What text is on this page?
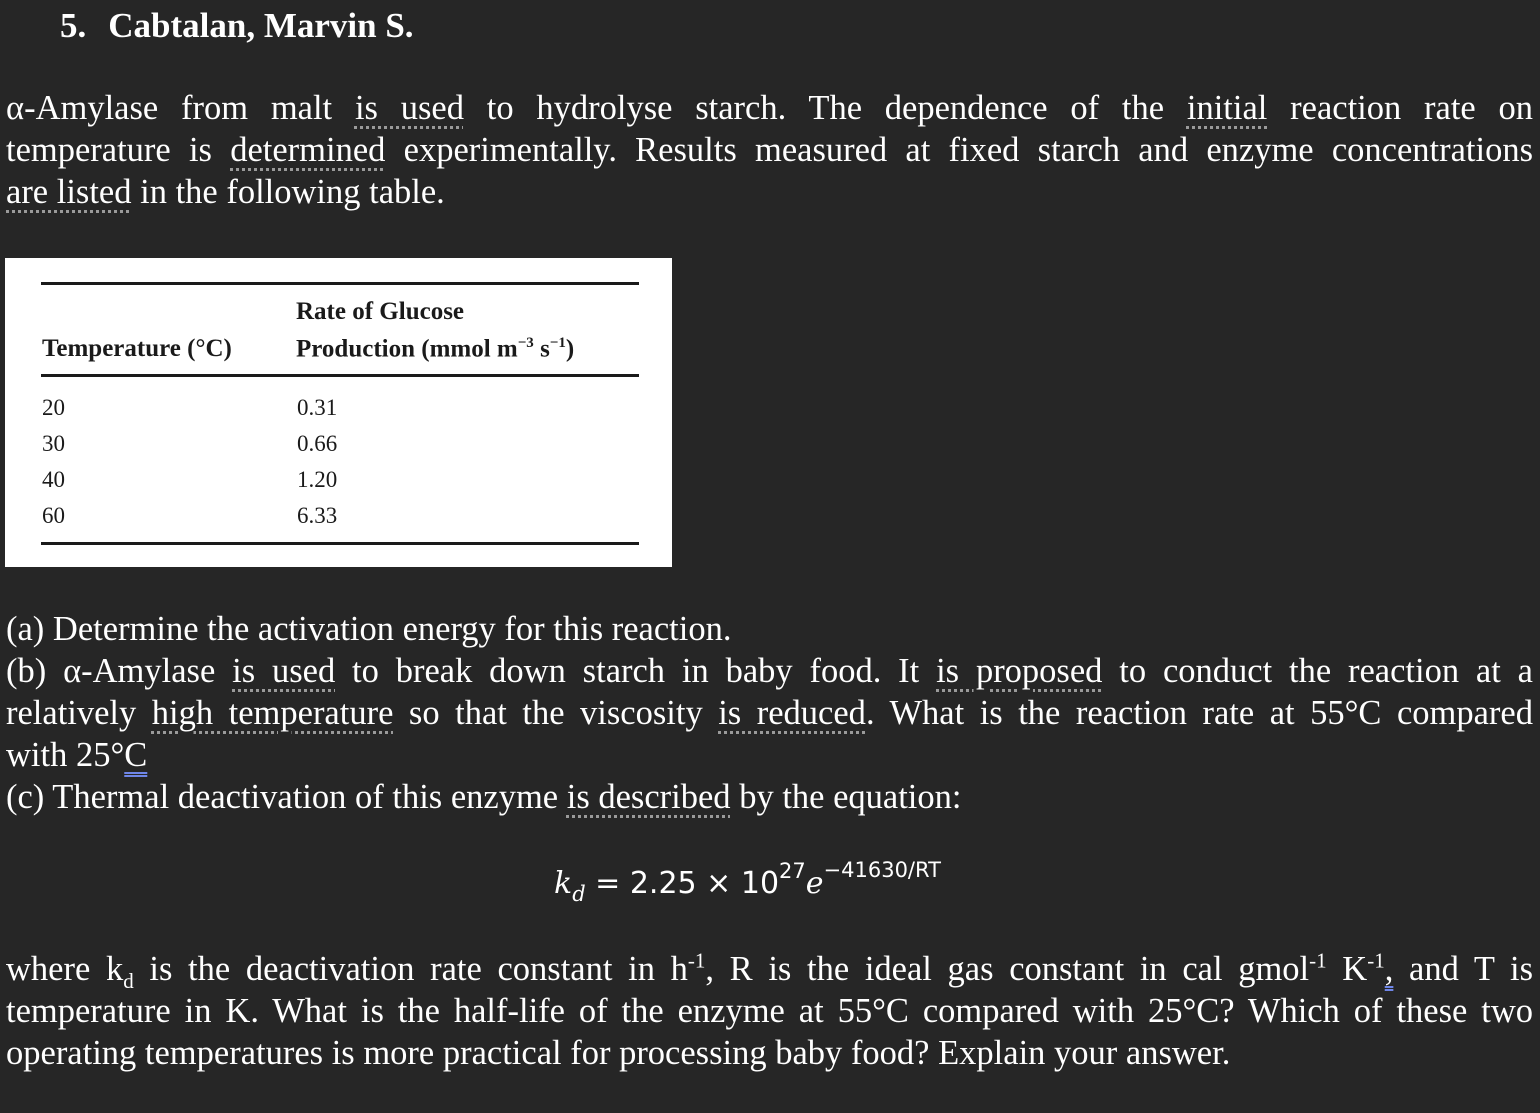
5. Cabtalan, Marvin S.
α-Amylase from malt is used to hydrolyse starch. The dependence of the initial reaction rate on
temperature is determined experimentally. Results measured at fixed starch and enzyme concentrations
are listed in the following table.
Rate of Glucose
Temperature (°C)	Production (mmol $m^{-3}$ $s^{-1}$)
20	0.31
30	0.66
40	1.20
60	6.33
(a) Determine the activation energy for this reaction.
(b) α-Amylase is used to break down starch in baby food. It is proposed to conduct the reaction at a
relatively high temperature so that the viscosity is reduced. What is the reaction rate at 55°C compared
with 25°C
(c) Thermal deactivation of this enzyme is described by the equation:
$k_d = 2.25 \times 10^{27}e^{-41630/RT}$
where $k_d$ is the deactivation rate constant in $h^{-1}$, R is the ideal gas constant in cal gmol$^{-1}$ $K^{-1}$, and T is
temperature in K. What is the half-life of the enzyme at 55°C compared with 25°C? Which of these two
operating temperatures is more practical for processing baby food? Explain your answer.
